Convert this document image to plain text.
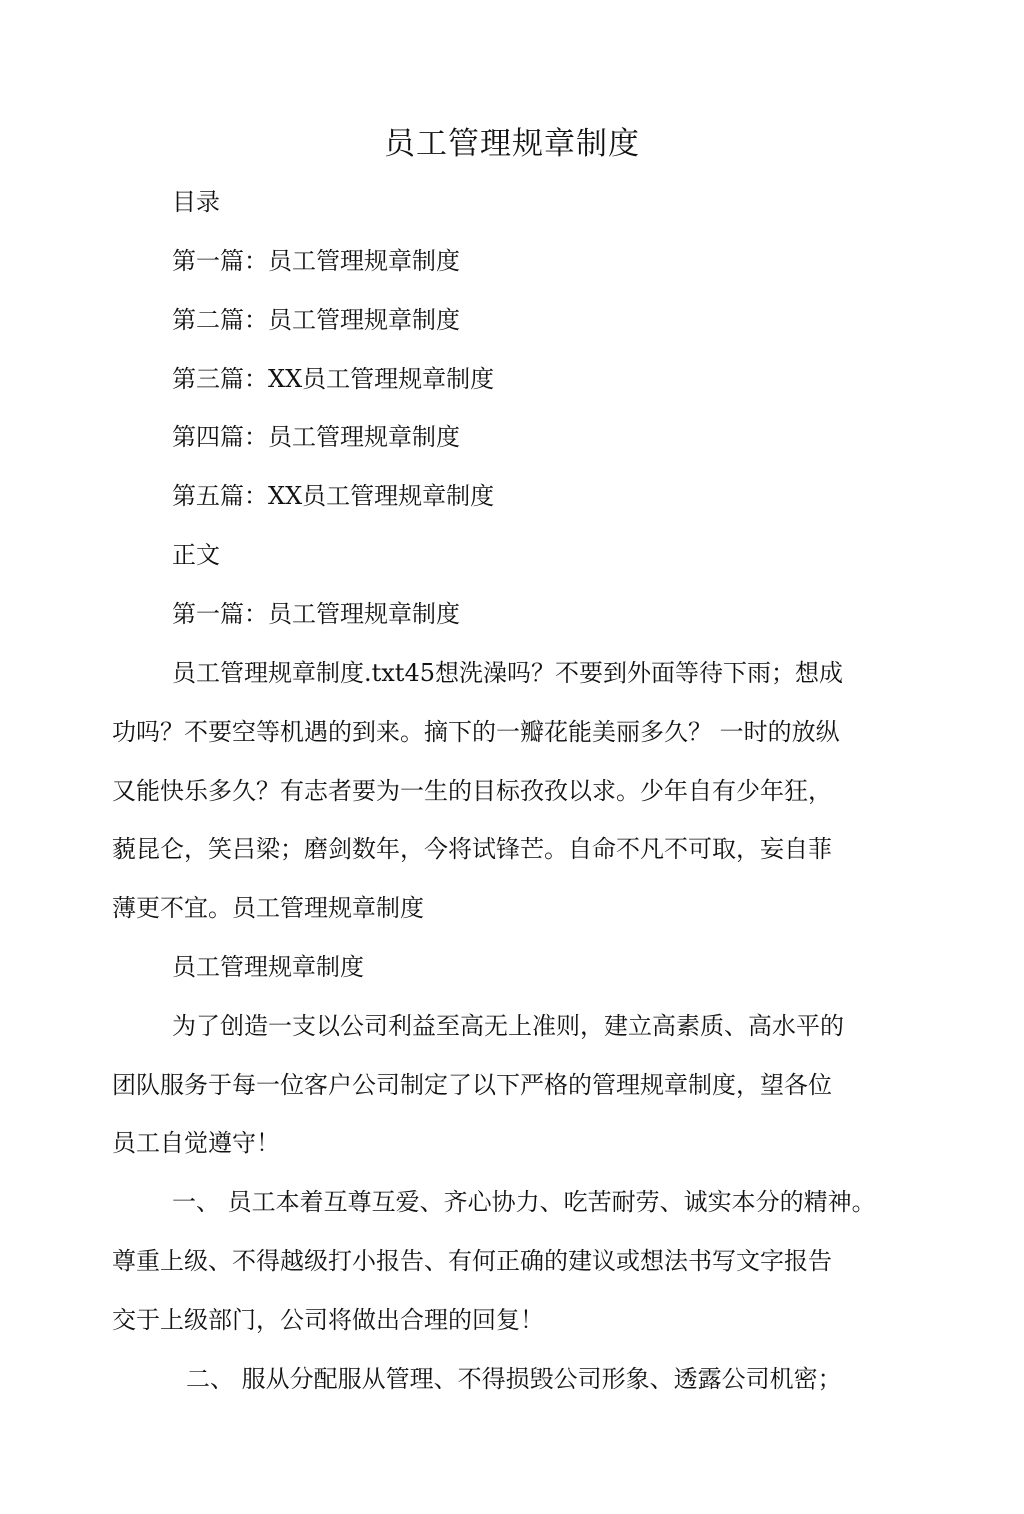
员工管理规章制度
目录
第一篇：员工管理规章制度
第二篇：员工管理规章制度
第三篇：XX员工管理规章制度
第四篇：员工管理规章制度
第五篇：XX员工管理规章制度
正文
第一篇：员工管理规章制度
员工管理规章制度.txt45想洗澡吗？不要到外面等待下雨；想成
功吗？不要空等机遇的到来。摘下的一瓣花能美丽多久？ 一时的放纵
又能快乐多久？有志者要为一生的目标孜孜以求。少年自有少年狂，
藐昆仑，笑吕梁；磨剑数年，今将试锋芒。自命不凡不可取，妄自菲
薄更不宜。员工管理规章制度
员工管理规章制度
为了创造一支以公司利益至高无上准则，建立高素质、高水平的
团队服务于每一位客户公司制定了以下严格的管理规章制度，望各位
员工自觉遵守！
一、 员工本着互尊互爱、齐心协力、吃苦耐劳、诚实本分的精神。
尊重上级、不得越级打小报告、有何正确的建议或想法书写文字报告
交于上级部门，公司将做出合理的回复！
二、 服从分配服从管理、不得损毁公司形象、透露公司机密；
